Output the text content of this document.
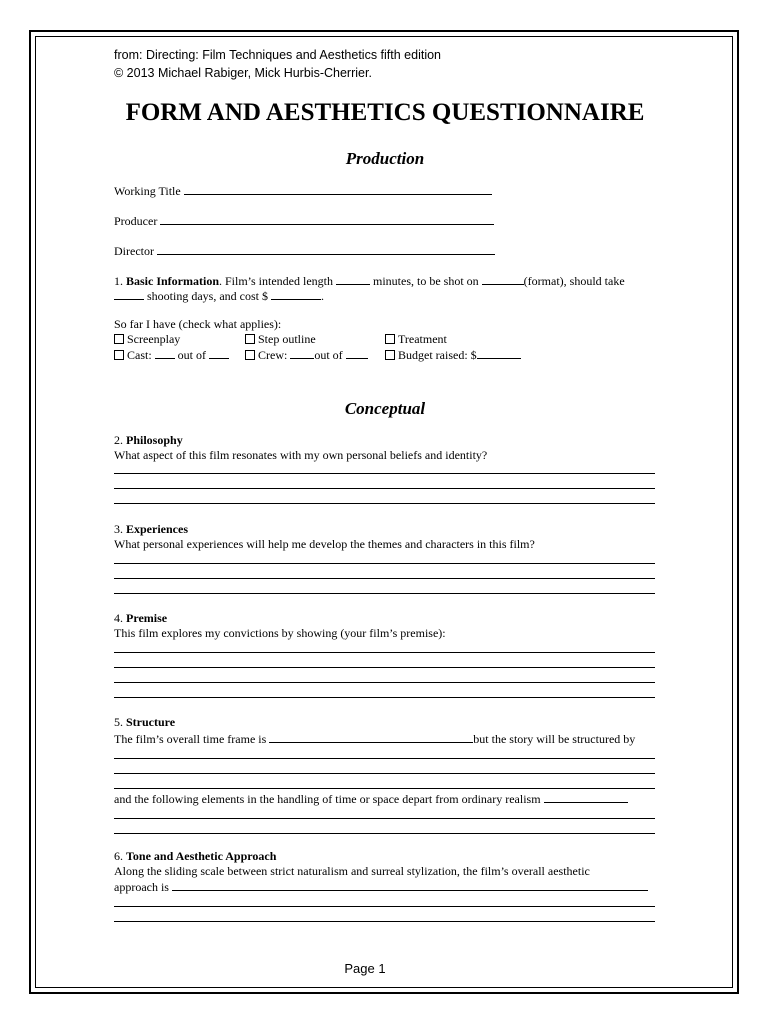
from: Directing: Film Techniques and Aesthetics fifth edition
© 2013 Michael Rabiger, Mick Hurbis-Cherrier.
FORM AND AESTHETICS QUESTIONNAIRE
Production
Working Title
Producer
Director
1. Basic Information. Film’s intended length	minutes, to be shot on	(format), should take
shooting days, and cost $	.
So far I have (check what applies):
Screenplay	Step outline	Treatment
Cast: out of	Crew: out of	Budget raised: $
Conceptual
2. Philosophy
What aspect of this film resonates with my own personal beliefs and identity?
3. Experiences
What personal experiences will help me develop the themes and characters in this film?
4. Premise
This film explores my convictions by showing (your film’s premise):
5. Structure
The film’s overall time frame is	but the story will be structured by
and the following elements in the handling of time or space depart from ordinary realism
6. Tone and Aesthetic Approach
Along the sliding scale between strict naturalism and surreal stylization, the film’s overall aesthetic
approach is
Page 1
